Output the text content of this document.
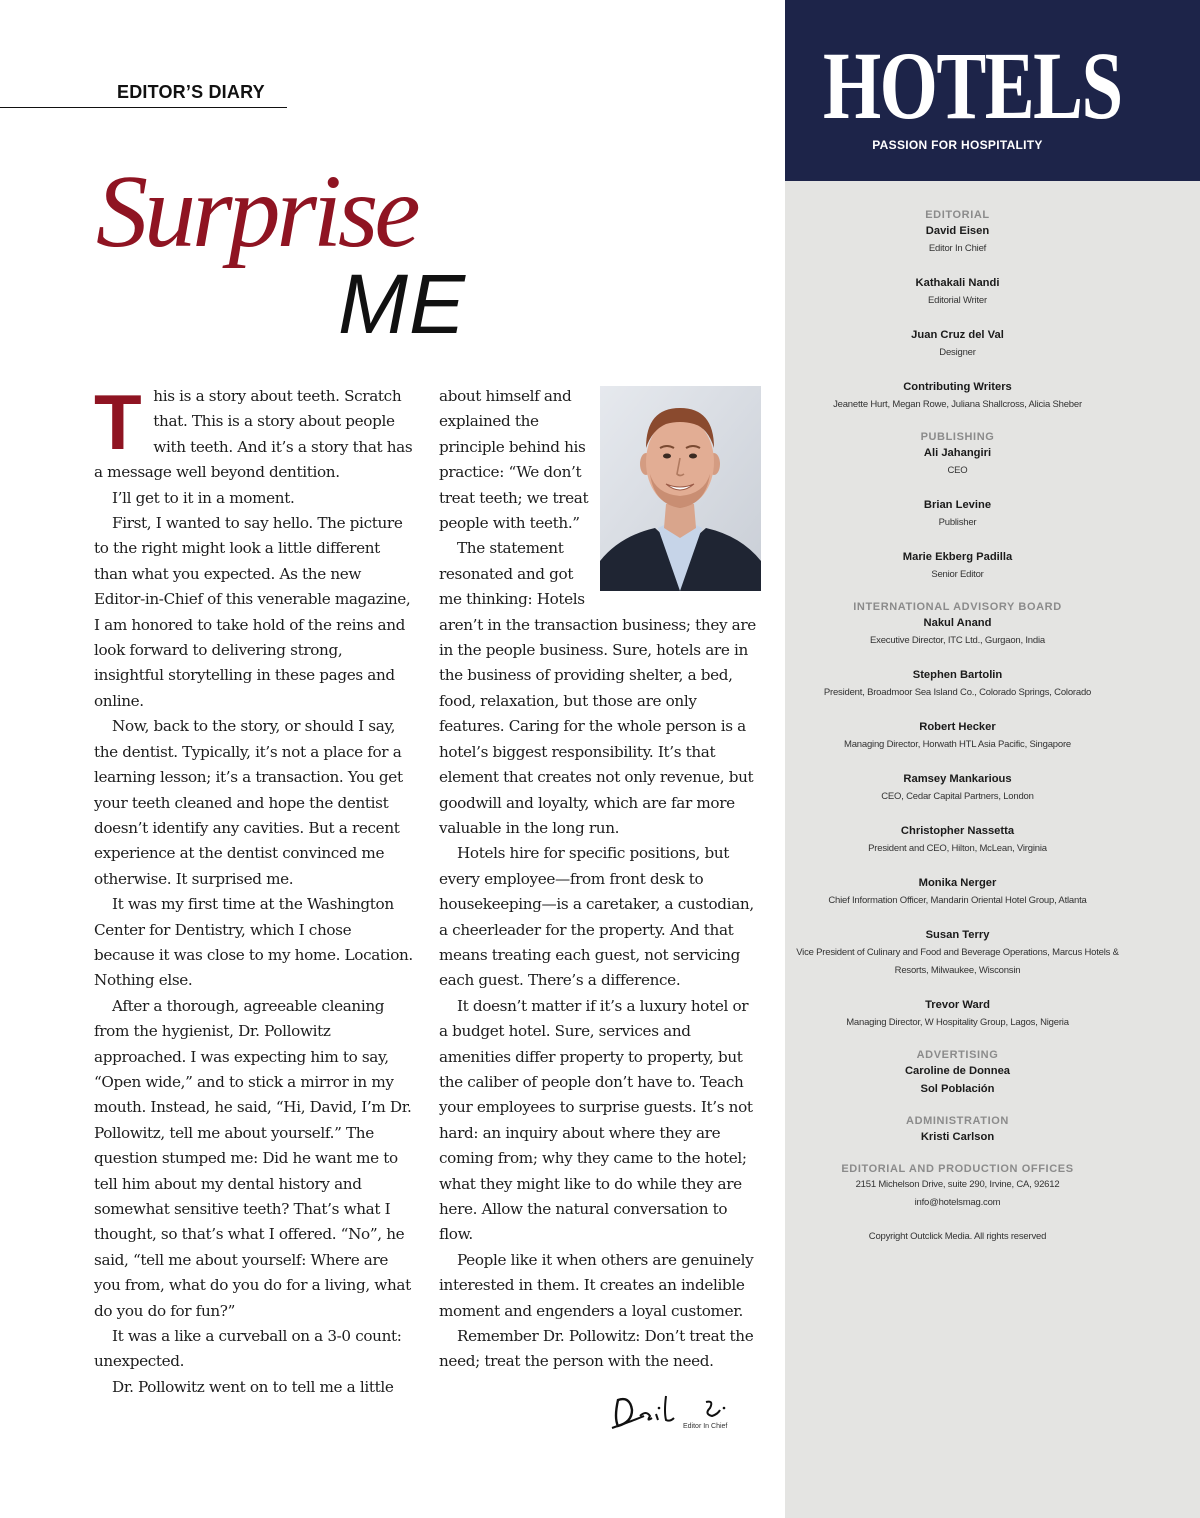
EDITOR’S DIARY
Surprise
ME
T his is a story about teeth. Scratch that. This is a story about people with teeth. And it’s a story that has a message well beyond dentition.

I’ll get to it in a moment.

First, I wanted to say hello. The picture to the right might look a little different than what you expected. As the new Editor-in-Chief of this venerable magazine, I am honored to take hold of the reins and look forward to delivering strong, insightful storytelling in these pages and online.

Now, back to the story, or should I say, the dentist. Typically, it’s not a place for a learning lesson; it’s a transaction. You get your teeth cleaned and hope the dentist doesn’t identify any cavities. But a recent experience at the dentist convinced me otherwise. It surprised me.

It was my first time at the Washington Center for Dentistry, which I chose because it was close to my home. Location. Nothing else.

After a thorough, agreeable cleaning from the hygienist, Dr. Pollowitz approached. I was expecting him to say, “Open wide,” and to stick a mirror in my mouth. Instead, he said, “Hi, David, I’m Dr. Pollowitz, tell me about yourself.” The question stumped me: Did he want me to tell him about my dental history and somewhat sensitive teeth? That’s what I thought, so that’s what I offered. “No”, he said, “tell me about yourself: Where are you from, what do you do for a living, what do you do for fun?”

It was a like a curveball on a 3-0 count: unexpected.

Dr. Pollowitz went on to tell me a little

about himself and explained the principle behind his practice: “We don’t treat teeth; we treat people with teeth.”

The statement resonated and got me thinking: Hotels aren’t in the transaction business; they are in the people business. Sure, hotels are in the business of providing shelter, a bed, food, relaxation, but those are only features. Caring for the whole person is a hotel’s biggest responsibility. It’s that element that creates not only revenue, but goodwill and loyalty, which are far more valuable in the long run.

Hotels hire for specific positions, but every employee—from front desk to housekeeping—is a caretaker, a custodian, a cheerleader for the property. And that means treating each guest, not servicing each guest. There’s a difference.

It doesn’t matter if it’s a luxury hotel or a budget hotel. Sure, services and amenities differ property to property, but the caliber of people don’t have to. Teach your employees to surprise guests. It’s not hard: an inquiry about where they are coming from; why they came to the hotel; what they might like to do while they are here. Allow the natural conversation to flow.

People like it when others are genuinely interested in them. It creates an indelible moment and engenders a loyal customer.

Remember Dr. Pollowitz: Don’t treat the need; treat the person with the need.

Editor In Chief
HOTELS
PASSION FOR HOSPITALITY
EDITORIAL
David Eisen
Editor In Chief
Kathakali Nandi
Editorial Writer
Juan Cruz del Val
Designer
Contributing Writers
Jeanette Hurt, Megan Rowe, Juliana Shallcross, Alicia Sheber
PUBLISHING
Ali Jahangiri
CEO
Brian Levine
Publisher
Marie Ekberg Padilla
Senior Editor
INTERNATIONAL ADVISORY BOARD
Nakul Anand
Executive Director, ITC Ltd., Gurgaon, India
Stephen Bartolin
President, Broadmoor Sea Island Co., Colorado Springs, Colorado
Robert Hecker
Managing Director, Horwath HTL Asia Pacific, Singapore
Ramsey Mankarious
CEO, Cedar Capital Partners, London
Christopher Nassetta
President and CEO, Hilton, McLean, Virginia
Monika Nerger
Chief Information Officer, Mandarin Oriental Hotel Group, Atlanta
Susan Terry
Vice President of Culinary and Food and Beverage Operations, Marcus Hotels & Resorts, Milwaukee, Wisconsin
Trevor Ward
Managing Director, W Hospitality Group, Lagos, Nigeria
ADVERTISING
Caroline de Donnea
Sol Población
ADMINISTRATION
Kristi Carlson
EDITORIAL AND PRODUCTION OFFICES
2151 Michelson Drive, suite 290, Irvine, CA, 92612
info@hotelsmag.com
Copyright Outclick Media. All rights reserved
